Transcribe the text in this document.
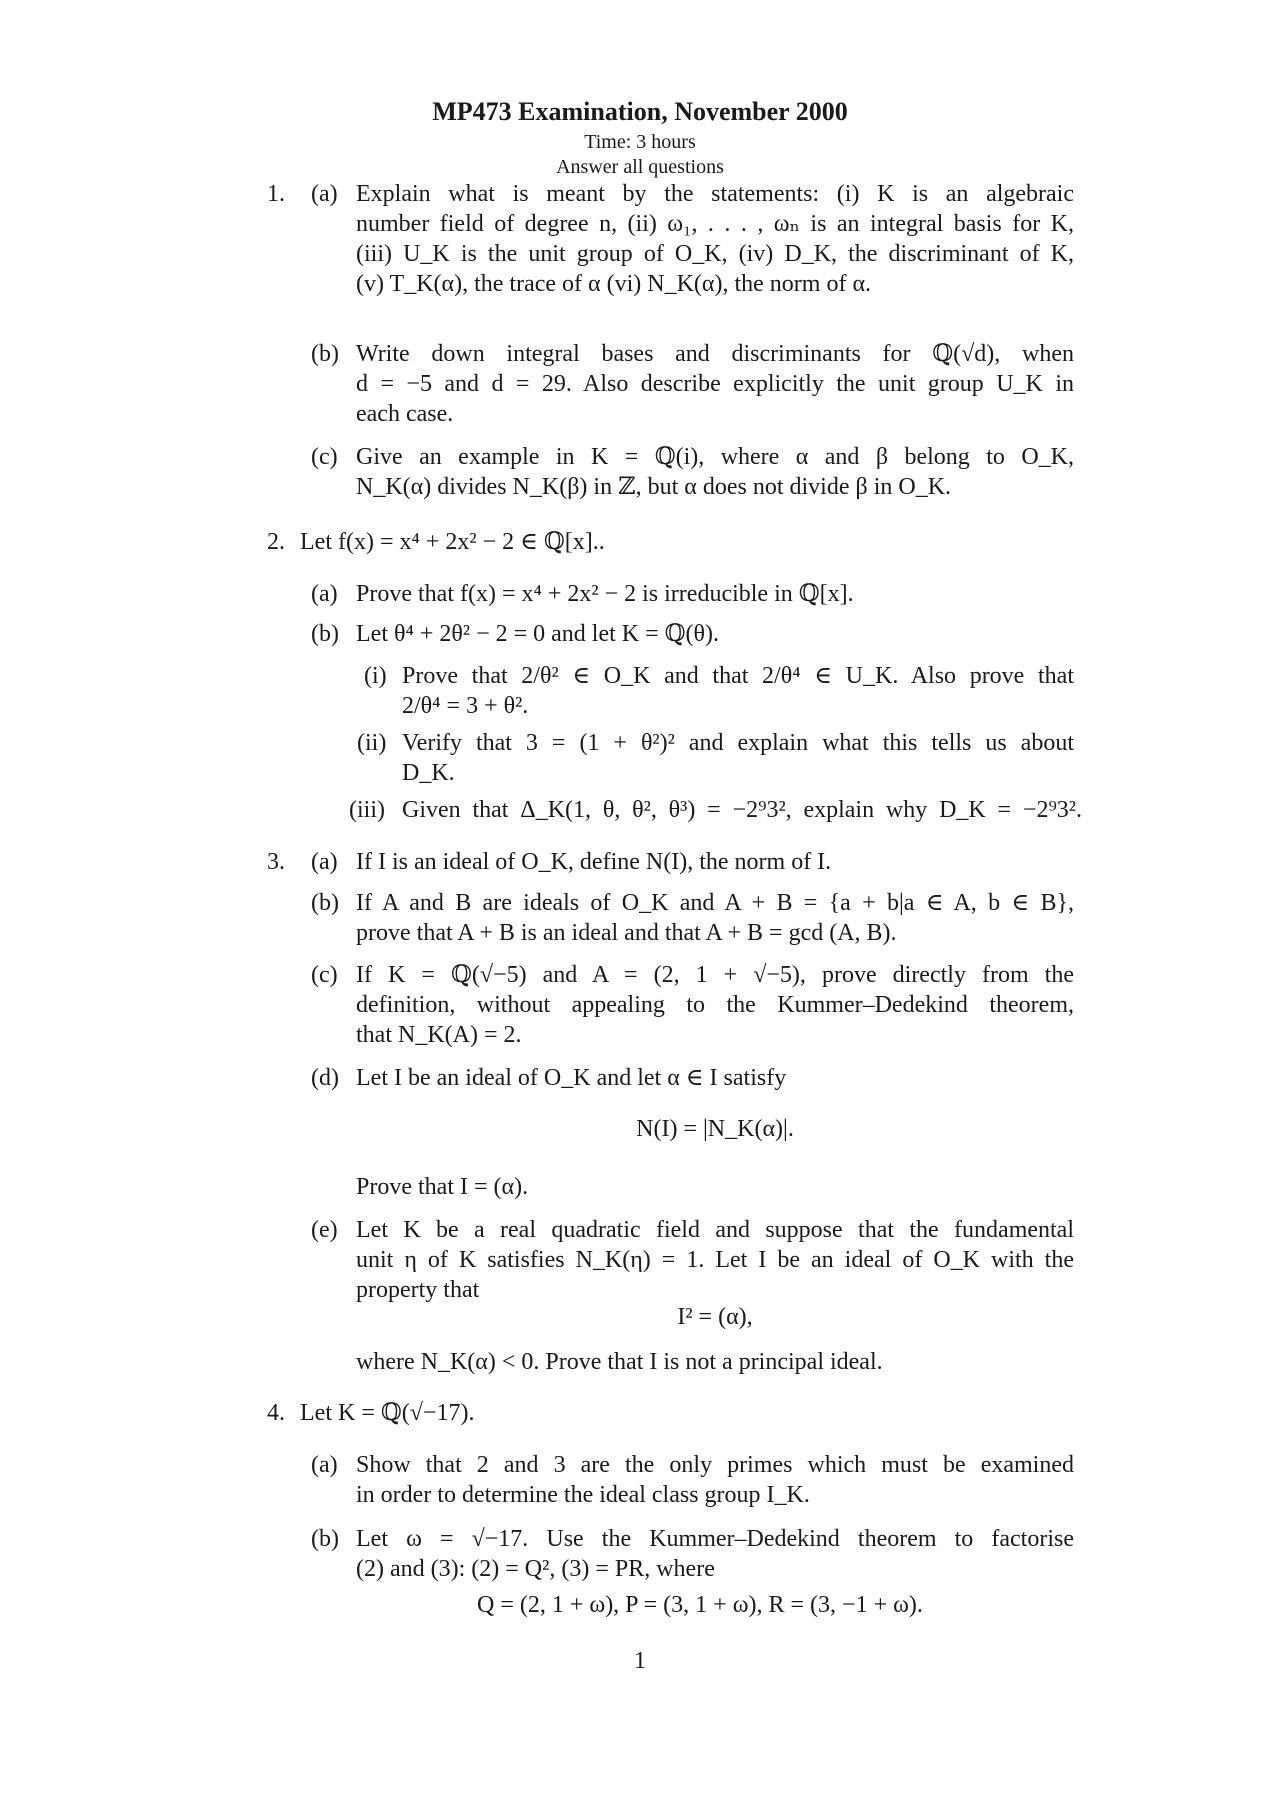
MP473 Examination, November 2000
Time: 3 hours
Answer all questions
1. (a) Explain what is meant by the statements: (i) K is an algebraic
number field of degree n, (ii) ω₁, . . . , ωₙ is an integral basis for K,
(iii) U_K is the unit group of O_K, (iv) D_K, the discriminant of K,
(v) T_K(α), the trace of α (vi) N_K(α), the norm of α.
(b) Write down integral bases and discriminants for ℚ(√d), when
d = −5 and d = 29. Also describe explicitly the unit group U_K in
each case.
(c) Give an example in K = ℚ(i), where α and β belong to O_K,
N_K(α) divides N_K(β) in ℤ, but α does not divide β in O_K.
2. Let f(x) = x⁴ + 2x² − 2 ∈ ℚ[x]..
(a) Prove that f(x) = x⁴ + 2x² − 2 is irreducible in ℚ[x].
(b) Let θ⁴ + 2θ² − 2 = 0 and let K = ℚ(θ).
(i) Prove that 2/θ² ∈ O_K and that 2/θ⁴ ∈ U_K. Also prove that
2/θ⁴ = 3 + θ².
(ii) Verify that 3 = (1 + θ²)² and explain what this tells us about
D_K.
(iii) Given that Δ_K(1, θ, θ², θ³) = −2⁹3², explain why D_K = −2⁹3².
3. (a) If I is an ideal of O_K, define N(I), the norm of I.
(b) If A and B are ideals of O_K and A + B = {a + b|a ∈ A, b ∈ B},
prove that A + B is an ideal and that A + B = gcd (A, B).
(c) If K = ℚ(√−5) and A = (2, 1 + √−5), prove directly from the
definition, without appealing to the Kummer–Dedekind theorem,
that N_K(A) = 2.
(d) Let I be an ideal of O_K and let α ∈ I satisfy
N(I) = |N_K(α)|.
Prove that I = (α).
(e) Let K be a real quadratic field and suppose that the fundamental
unit η of K satisfies N_K(η) = 1. Let I be an ideal of O_K with the
property that
I² = (α),
where N_K(α) < 0. Prove that I is not a principal ideal.
4. Let K = ℚ(√−17).
(a) Show that 2 and 3 are the only primes which must be examined
in order to determine the ideal class group I_K.
(b) Let ω = √−17. Use the Kummer–Dedekind theorem to factorise
(2) and (3): (2) = Q², (3) = PR, where
Q = (2, 1 + ω), P = (3, 1 + ω), R = (3, −1 + ω).
1
